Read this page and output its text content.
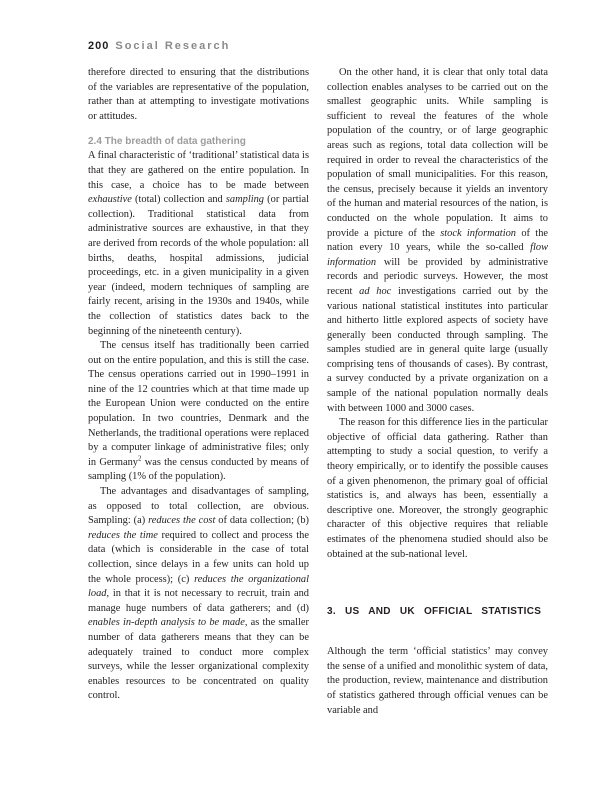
200 Social Research

therefore directed to ensuring that the distributions of the variables are representative of the population, rather than at attempting to investigate motivations or attitudes.

2.4 The breadth of data gathering

A final characteristic of ‘traditional’ statistical data is that they are gathered on the entire population. In this case, a choice has to be made between exhaustive (total) collection and sampling (or partial collection). Traditional statistical data from administrative sources are exhaustive, in that they are derived from records of the whole population: all births, deaths, hospital admissions, judicial proceedings, etc. in a given municipality in a given year (indeed, modern techniques of sampling are fairly recent, arising in the 1930s and 1940s, while the collection of statistics dates back to the beginning of the nineteenth century).

The census itself has traditionally been carried out on the entire population, and this is still the case. The census operations carried out in 1990–1991 in nine of the 12 countries which at that time made up the European Union were conducted on the entire population. In two countries, Denmark and the Netherlands, the traditional operations were replaced by a computer linkage of administrative files; only in Germany$^2$ was the census conducted by means of sampling (1% of the population).

The advantages and disadvantages of sampling, as opposed to total collection, are obvious. Sampling: (a) reduces the cost of data collection; (b) reduces the time required to collect and process the data (which is considerable in the case of total collection, since delays in a few units can hold up the whole process); (c) reduces the organizational load, in that it is not necessary to recruit, train and manage huge numbers of data gatherers; and (d) enables in-depth analysis to be made, as the smaller number of data gatherers means that they can be adequately trained to conduct more complex surveys, while the lesser organizational complexity enables resources to be concentrated on quality control.

On the other hand, it is clear that only total data collection enables analyses to be carried out on the smallest geographic units. While sampling is sufficient to reveal the features of the whole population of the country, or of large geographic areas such as regions, total data collection will be required in order to reveal the characteristics of the population of small municipalities. For this reason, the census, precisely because it yields an inventory of the human and material resources of the nation, is conducted on the whole population. It aims to provide a picture of the stock information of the nation every 10 years, while the so-called flow information will be provided by administrative records and periodic surveys. However, the most recent ad hoc investigations carried out by the various national statistical institutes into particular and hitherto little explored aspects of society have generally been conducted through sampling. The samples studied are in general quite large (usually comprising tens of thousands of cases). By contrast, a survey conducted by a private organization on a sample of the national population normally deals with between 1000 and 3000 cases.

The reason for this difference lies in the particular objective of official data gathering. Rather than attempting to study a social question, to verify a theory empirically, or to identify the possible causes of a given phenomenon, the primary goal of official statistics is, and always has been, essentially a descriptive one. Moreover, the strongly geographic character of this objective requires that reliable estimates of the phenomena studied should also be obtained at the sub-national level.

3. US AND UK OFFICIAL STATISTICS

Although the term ‘official statistics’ may convey the sense of a unified and monolithic system of data, the production, review, maintenance and distribution of statistics gathered through official venues can be variable and
